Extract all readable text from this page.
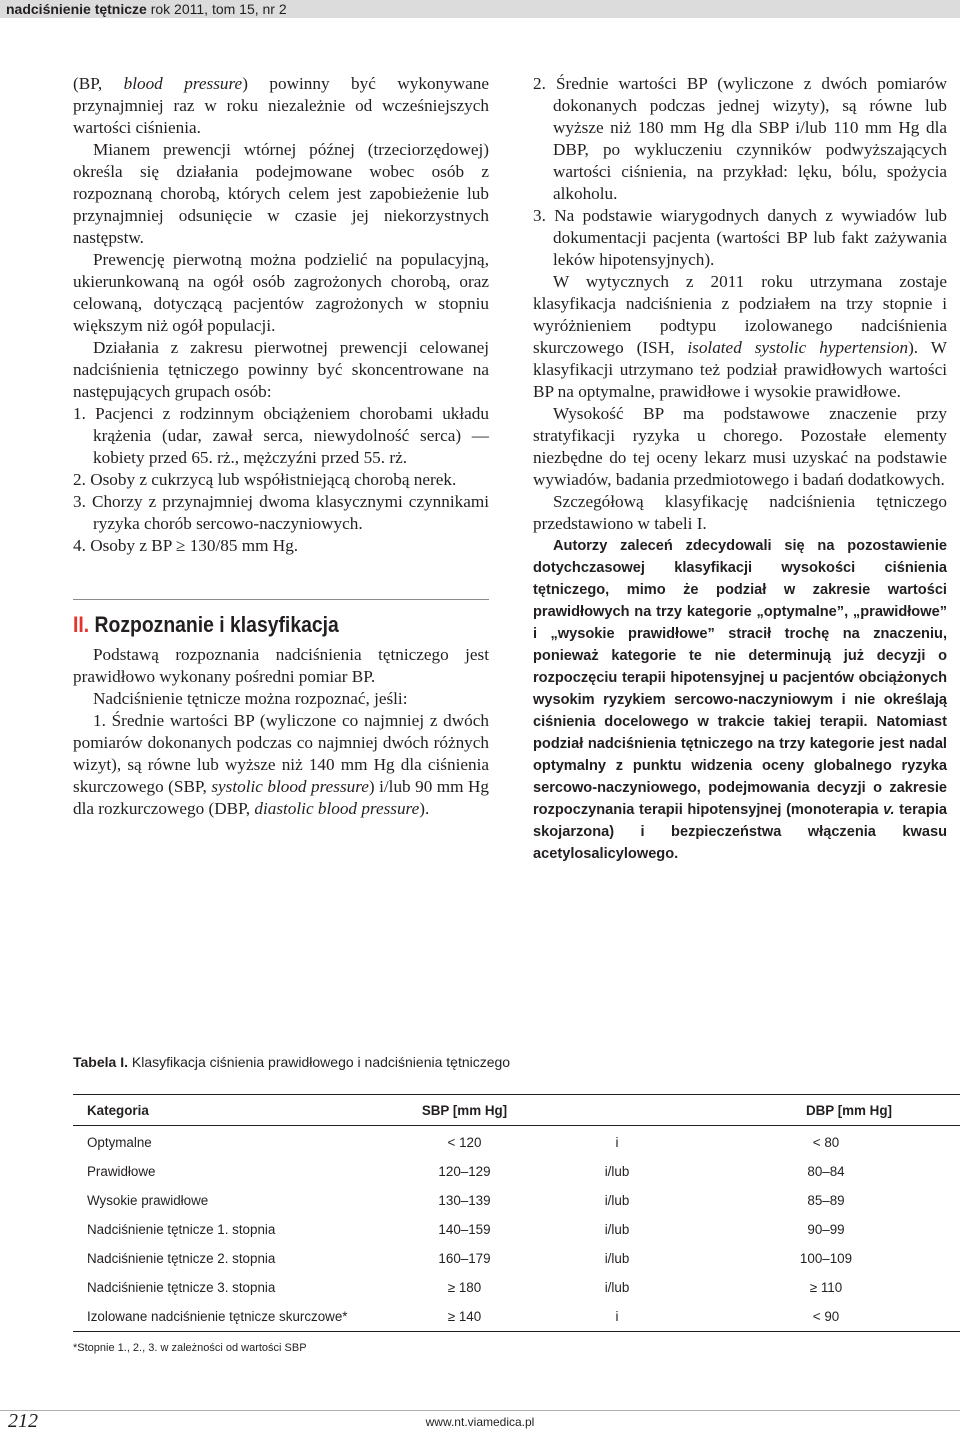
nadciśnienie tętnicze rok 2011, tom 15, nr 2

(BP, blood pressure) powinny być wykonywane przynajmniej raz w roku niezależnie od wcześniejszych wartości ciśnienia.

Mianem prewencji wtórnej późnej (trzeciorzędowej) określa się działania podejmowane wobec osób z rozpoznaną chorobą, których celem jest zapobieżenie lub przynajmniej odsunięcie w czasie jej niekorzystnych następstw.

Prewencję pierwotną można podzielić na populacyjną, ukierunkowaną na ogół osób zagrożonych chorobą, oraz celowaną, dotyczącą pacjentów zagrożonych w stopniu większym niż ogół populacji.

Działania z zakresu pierwotnej prewencji celowanej nadciśnienia tętniczego powinny być skoncentrowane na następujących grupach osób:

1. Pacjenci z rodzinnym obciążeniem chorobami układu krążenia (udar, zawał serca, niewydolność serca) — kobiety przed 65. rż., mężczyźni przed 55. rż.

2. Osoby z cukrzycą lub współistniejącą chorobą nerek.

3. Chorzy z przynajmniej dwoma klasycznymi czynnikami ryzyka chorób sercowo-naczyniowych.

4. Osoby z BP ≥ 130/85 mm Hg.

II. Rozpoznanie i klasyfikacja

Podstawą rozpoznania nadciśnienia tętniczego jest prawidłowo wykonany pośredni pomiar BP.

Nadciśnienie tętnicze można rozpoznać, jeśli:

1. Średnie wartości BP (wyliczone co najmniej z dwóch pomiarów dokonanych podczas co najmniej dwóch różnych wizyt), są równe lub wyższe niż 140 mm Hg dla ciśnienia skurczowego (SBP, systolic blood pressure) i/lub 90 mm Hg dla rozkurczowego (DBP, diastolic blood pressure).

2. Średnie wartości BP (wyliczone z dwóch pomiarów dokonanych podczas jednej wizyty), są równe lub wyższe niż 180 mm Hg dla SBP i/lub 110 mm Hg dla DBP, po wykluczeniu czynników podwyższających wartości ciśnienia, na przykład: lęku, bólu, spożycia alkoholu.

3. Na podstawie wiarygodnych danych z wywiadów lub dokumentacji pacjenta (wartości BP lub fakt zażywania leków hipotensyjnych).

W wytycznych z 2011 roku utrzymana zostaje klasyfikacja nadciśnienia z podziałem na trzy stopnie i wyróżnieniem podtypu izolowanego nadciśnienia skurczowego (ISH, isolated systolic hypertension). W klasyfikacji utrzymano też podział prawidłowych wartości BP na optymalne, prawidłowe i wysokie prawidłowe.

Wysokość BP ma podstawowe znaczenie przy stratyfikacji ryzyka u chorego. Pozostałe elementy niezbędne do tej oceny lekarz musi uzyskać na podstawie wywiadów, badania przedmiotowego i badań dodatkowych.

Szczegółową klasyfikację nadciśnienia tętniczego przedstawiono w tabeli I.

Autorzy zaleceń zdecydowali się na pozostawienie dotychczasowej klasyfikacji wysokości ciśnienia tętniczego, mimo że podział w zakresie wartości prawidłowych na trzy kategorie „optymalne”, „prawidłowe” i „wysokie prawidłowe” stracił trochę na znaczeniu, ponieważ kategorie te nie determinują już decyzji o rozpoczęciu terapii hipotensyjnej u pacjentów obciążonych wysokim ryzykiem sercowo-naczyniowym i nie określają ciśnienia docelowego w trakcie takiej terapii. Natomiast podział nadciśnienia tętniczego na trzy kategorie jest nadal optymalny z punktu widzenia oceny globalnego ryzyka sercowo-naczyniowego, podejmowania decyzji o zakresie rozpoczynania terapii hipotensyjnej (monoterapia v. terapia skojarzona) i bezpieczeństwa włączenia kwasu acetylosalicylowego.

Tabela I. Klasyfikacja ciśnienia prawidłowego i nadciśnienia tętniczego
Kategoria	SBP [mm Hg]		DBP [mm Hg]
Optymalne	< 120	i	< 80
Prawidłowe	120–129	i/lub	80–84
Wysokie prawidłowe	130–139	i/lub	85–89
Nadciśnienie tętnicze 1. stopnia	140–159	i/lub	90–99
Nadciśnienie tętnicze 2. stopnia	160–179	i/lub	100–109
Nadciśnienie tętnicze 3. stopnia	≥ 180	i/lub	≥ 110
Izolowane nadciśnienie tętnicze skurczowe*	≥ 140	i	< 90
*Stopnie 1., 2., 3. w zależności od wartości SBP
212	www.nt.viamedica.pl
